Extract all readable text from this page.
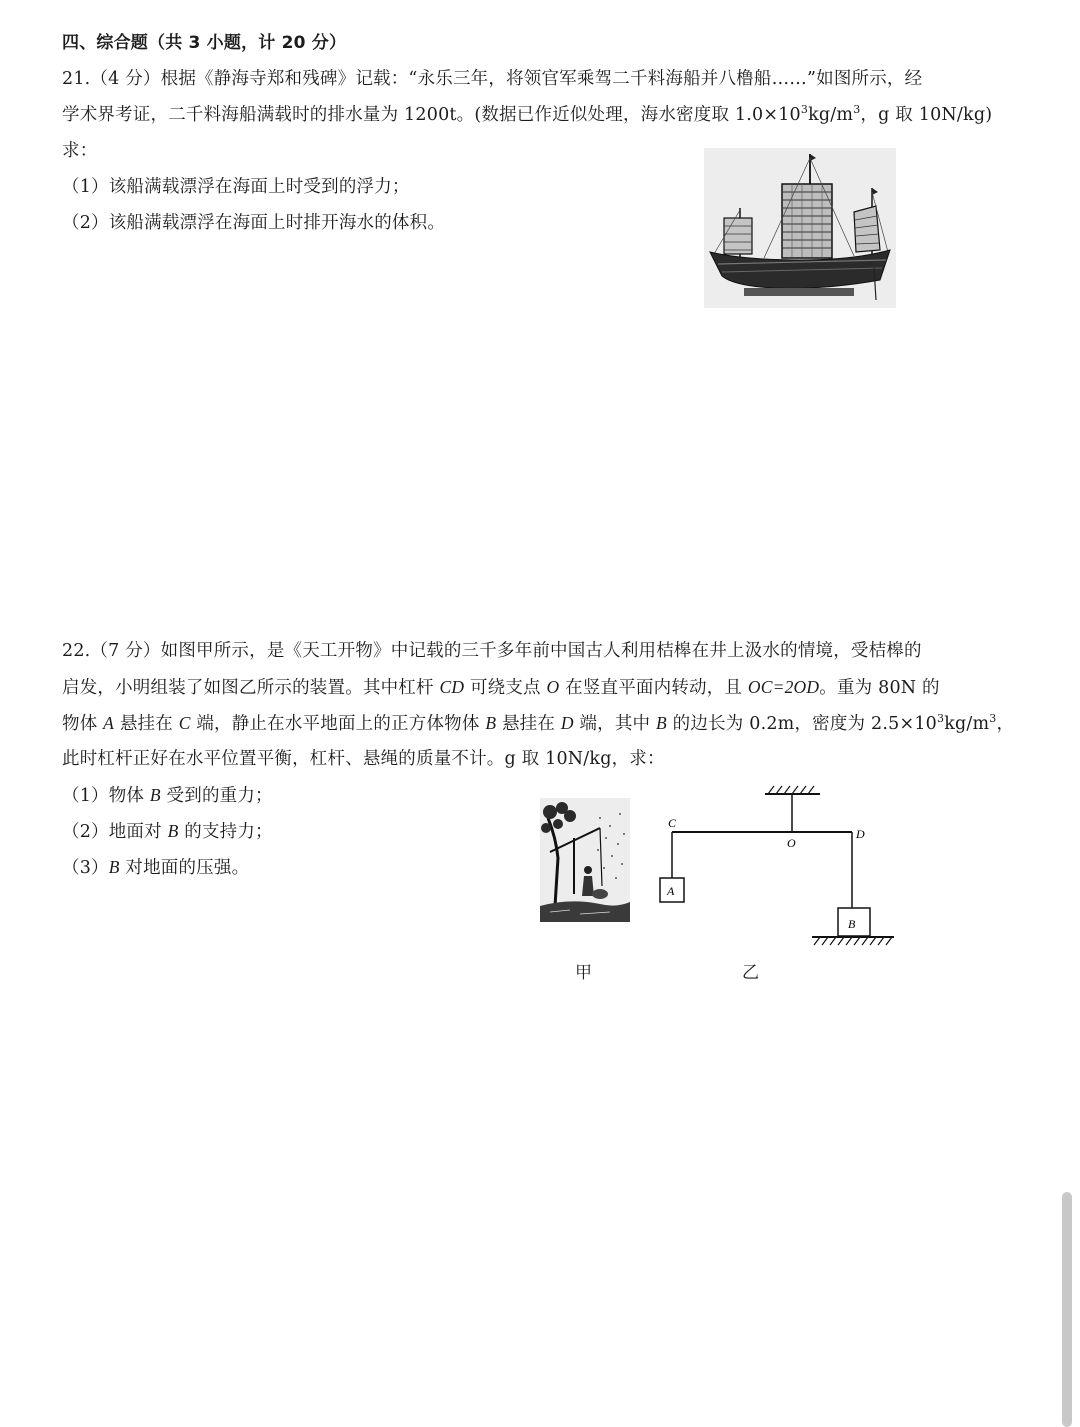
四、综合题（共 3 小题，计 20 分）
21.（4 分）根据《静海寺郑和残碑》记载：“永乐三年，将领官军乘驾二千料海船并八橹船……”如图所示，经
学术界考证，二千料海船满载时的排水量为 1200t。(数据已作近似处理，海水密度取 $1.0\times 10^3kg/m^3$，g 取 10N/kg)
求：
（1）该船满载漂浮在海面上时受到的浮力；
（2）该船满载漂浮在海面上时排开海水的体积。
22.（7 分）如图甲所示，是《天工开物》中记载的三千多年前中国古人利用桔槔在井上汲水的情境，受桔槔的
启发，小明组装了如图乙所示的装置。其中杠杆 CD 可绕支点 O 在竖直平面内转动，且 OC=2OD。重为 80N 的
物体 A 悬挂在 C 端，静止在水平地面上的正方体物体 B 悬挂在 D 端，其中 B 的边长为 0.2m，密度为 $2.5\times 10^3kg/m^3$，
此时杠杆正好在水平位置平衡，杠杆、悬绳的质量不计。g 取 10N/kg，求：
（1）物体 B 受到的重力；
（2）地面对 B 的支持力；
（3）B 对地面的压强。
C
O
D
A
B
甲	乙
